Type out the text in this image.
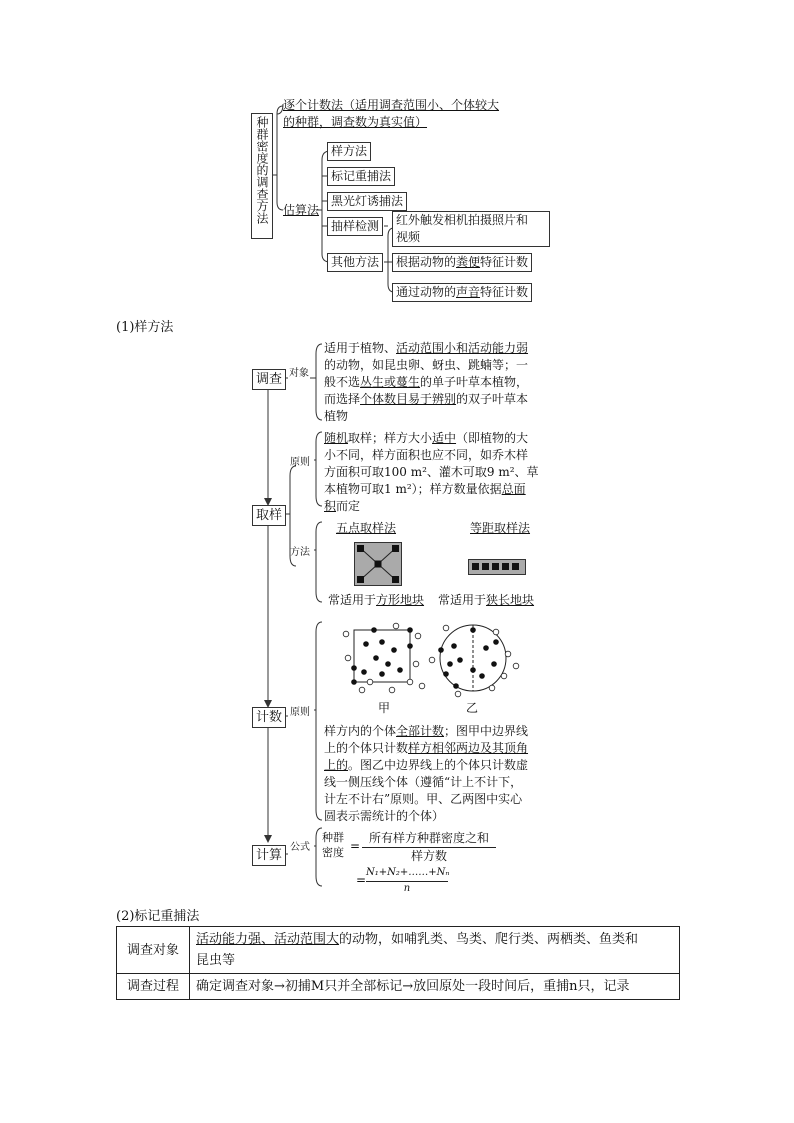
种群密度的调查方法
逐个计数法（适用调查范围小、个体较大
的种群，调查数为真实值）
估算法
样方法
标记重捕法
黑光灯诱捕法
抽样检测
其他方法
红外触发相机拍摄照片和
视频
根据动物的粪便特征计数
通过动物的声音特征计数
(1)样方法
调查
取样
计数
计算
对象
原则
方法
原则
公式
适用于植物、活动范围小和活动能力弱
的动物，如昆虫卵、蚜虫、跳蝻等；一
般不选丛生或蔓生的单子叶草本植物，
而选择个体数目易于辨别的双子叶草本
植物
随机取样；样方大小适中（即植物的大
小不同，样方面积也应不同，如乔木样
方面积可取100 m²、灌木可取9 m²、草
本植物可取1 m²）；样方数量依据总面
积而定
五点取样法	等距取样法
常适用于方形地块 常适用于狭长地块
甲	乙
样方内的个体全部计数；图甲中边界线
上的个体只计数样方相邻两边及其顶角
上的。图乙中边界线上的个体只计数虚
线一侧压线个体（遵循“计上不计下，
计左不计右”原则。甲、乙两图中实心
圆表示需统计的个体）
种群
密度 =
所有样方种群密度之和
样方数
=
N₁+N₂+……+Nₙ
n
(2)标记重捕法
调查对象	活动能力强、活动范围大的动物，如哺乳类、鸟类、爬行类、两栖类、鱼类和
昆虫等
调查过程	确定调查对象→初捕M只并全部标记→放回原处一段时间后，重捕n只，记录
